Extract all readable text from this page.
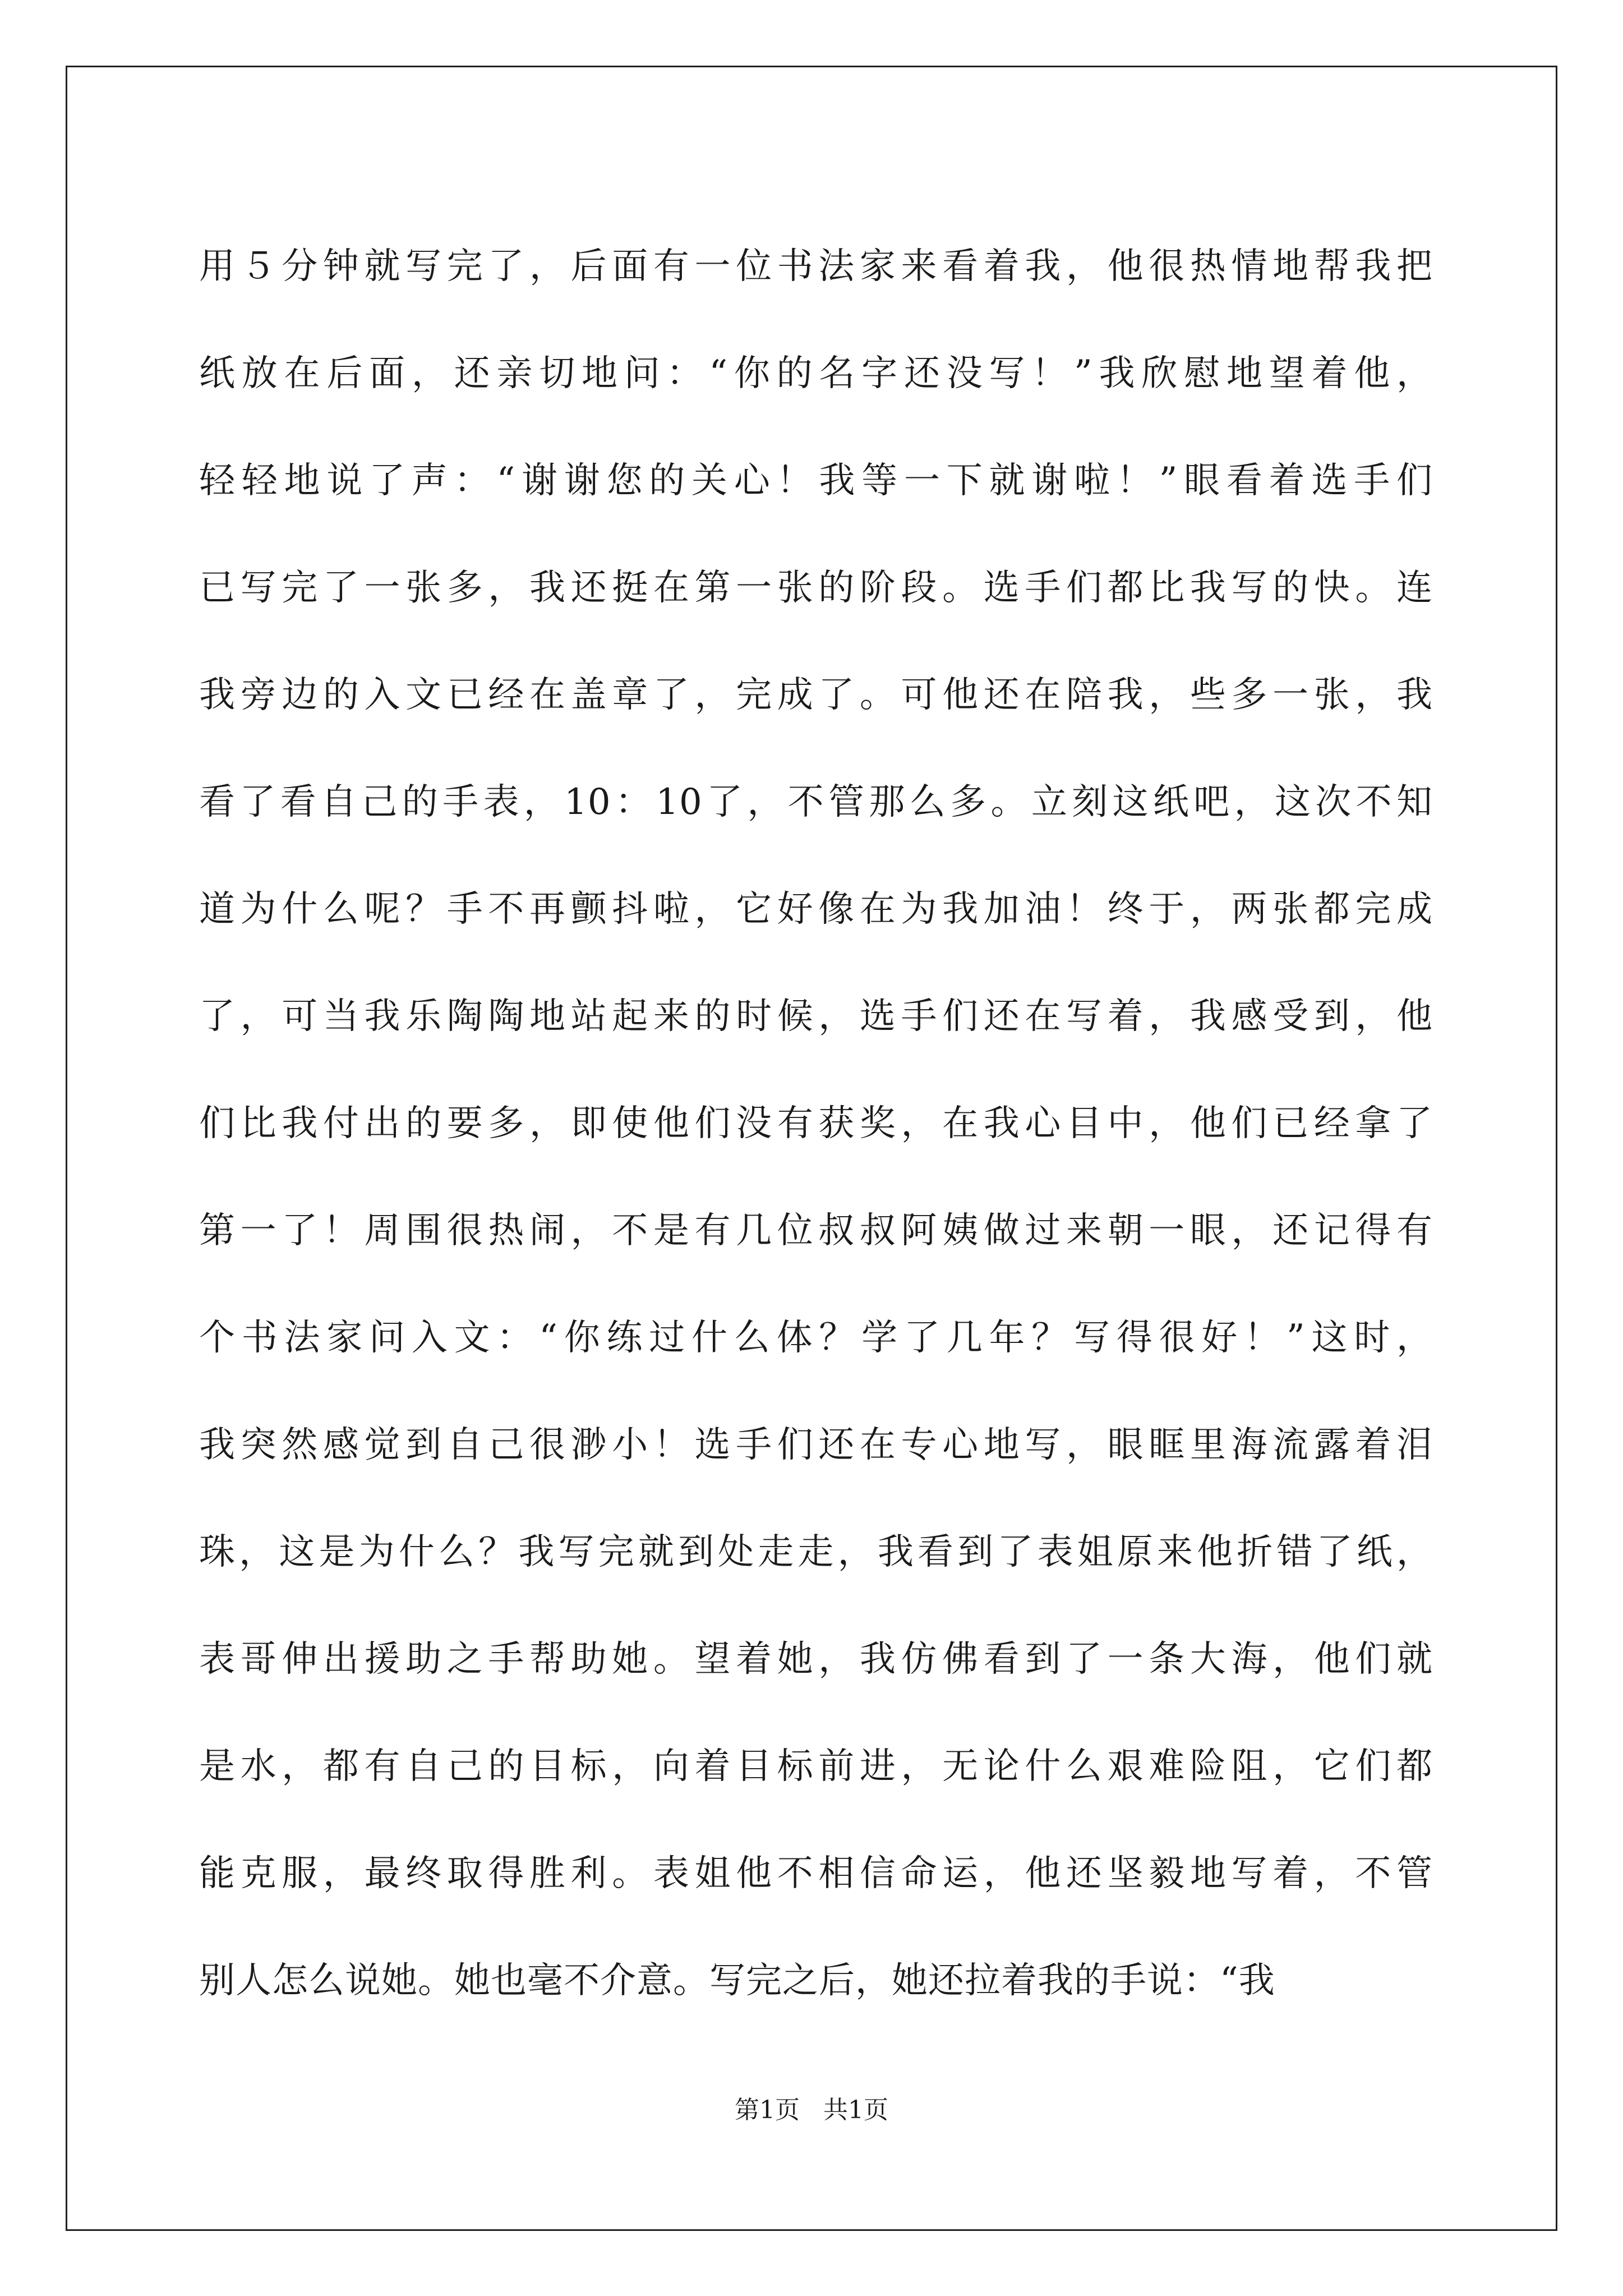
用５分钟就写完了，后面有一位书法家来看着我，他很热情地帮我把
纸放在后面，还亲切地问：“你的名字还没写！”我欣慰地望着他，
轻轻地说了声：“谢谢您的关心！我等一下就谢啦！”眼看着选手们
已写完了一张多，我还挺在第一张的阶段。选手们都比我写的快。连
我旁边的入文已经在盖章了，完成了。可他还在陪我，些多一张，我
看了看自己的手表，10：10了，不管那么多。立刻这纸吧，这次不知
道为什么呢？手不再颤抖啦，它好像在为我加油！终于，两张都完成
了，可当我乐陶陶地站起来的时候，选手们还在写着，我感受到，他
们比我付出的要多，即使他们没有获奖，在我心目中，他们已经拿了
第一了！周围很热闹，不是有几位叔叔阿姨做过来朝一眼，还记得有
个书法家问入文：“你练过什么体？学了几年？写得很好！”这时，
我突然感觉到自己很渺小！选手们还在专心地写，眼眶里海流露着泪
珠，这是为什么？我写完就到处走走，我看到了表姐原来他折错了纸，
表哥伸出援助之手帮助她。望着她，我仿佛看到了一条大海，他们就
是水，都有自己的目标，向着目标前进，无论什么艰难险阻，它们都
能克服，最终取得胜利。表姐他不相信命运，他还坚毅地写着，不管
别人怎么说她。她也毫不介意。写完之后，她还拉着我的手说：“我
第1页   共1页
